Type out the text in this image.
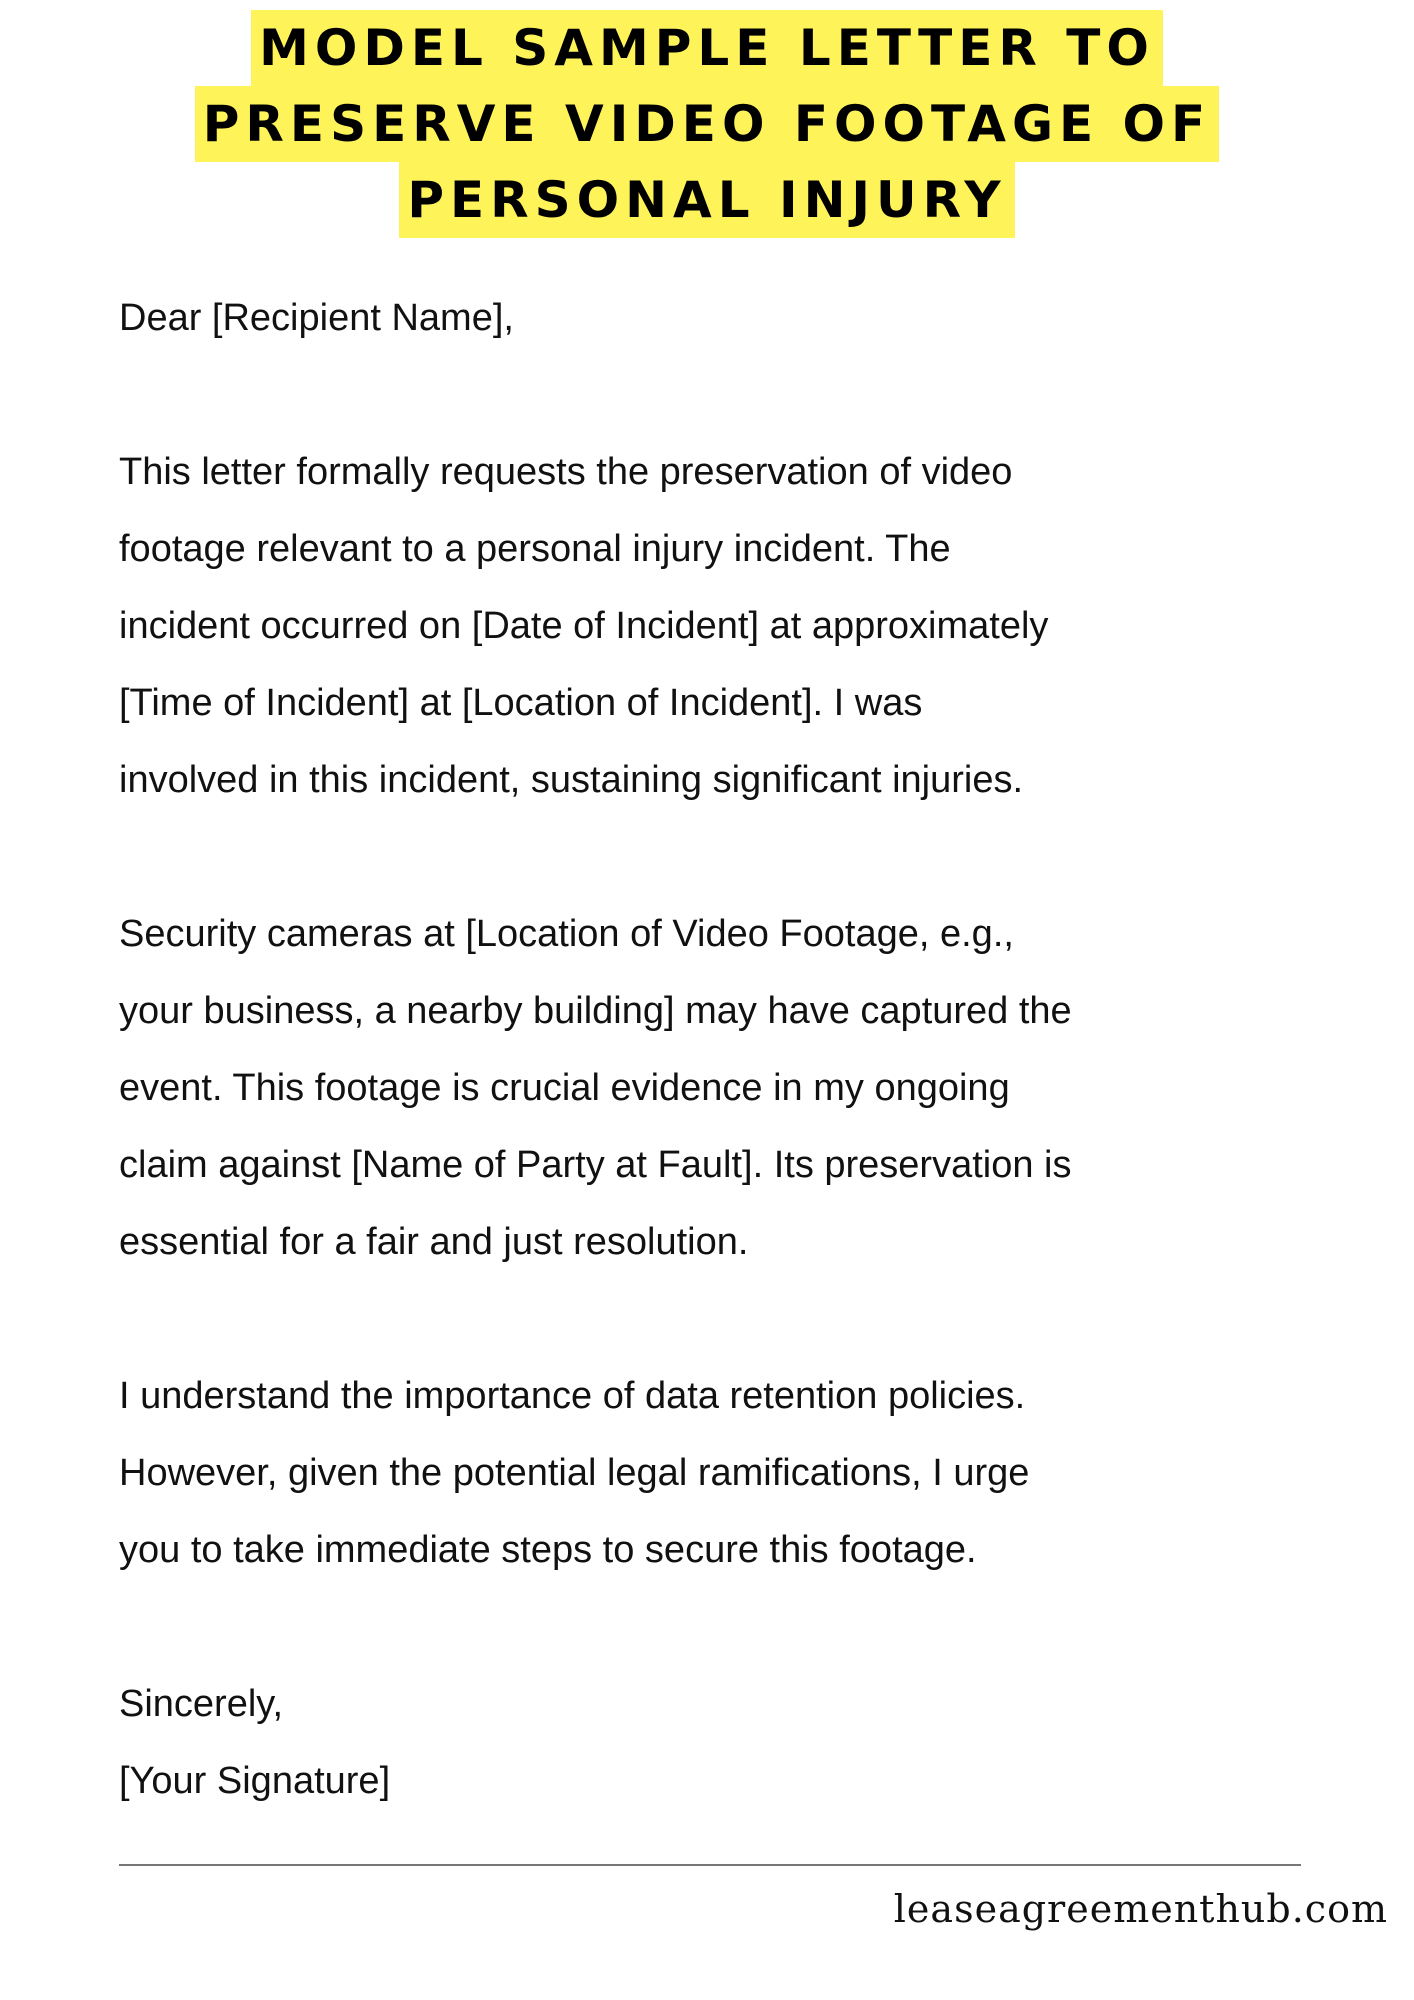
MODEL SAMPLE LETTER TO
PRESERVE VIDEO FOOTAGE OF
PERSONAL INJURY

Dear [Recipient Name],

This letter formally requests the preservation of video

footage relevant to a personal injury incident. The

incident occurred on [Date of Incident] at approximately

[Time of Incident] at [Location of Incident]. I was

involved in this incident, sustaining significant injuries.

Security cameras at [Location of Video Footage, e.g.,

your business, a nearby building] may have captured the

event. This footage is crucial evidence in my ongoing

claim against [Name of Party at Fault]. Its preservation is

essential for a fair and just resolution.

I understand the importance of data retention policies.

However, given the potential legal ramifications, I urge

you to take immediate steps to secure this footage.

Sincerely,

[Your Signature]

leaseagreementhub.com
